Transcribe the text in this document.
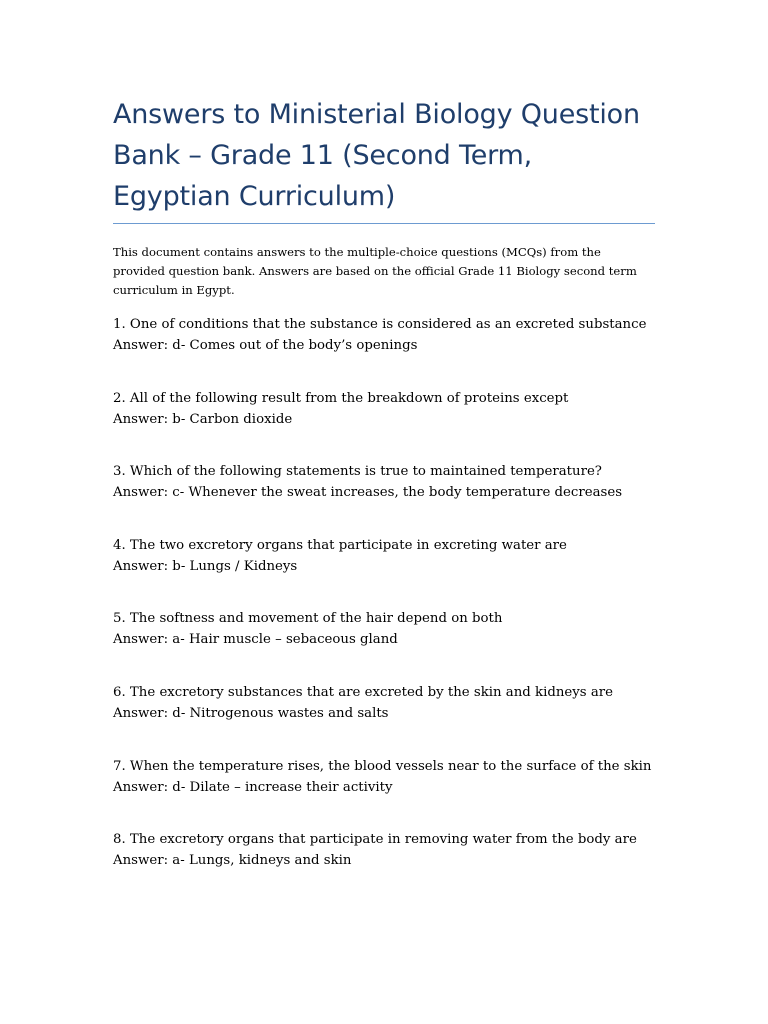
Answers to Ministerial Biology Question
Bank – Grade 11 (Second Term,
Egyptian Curriculum)

This document contains answers to the multiple-choice questions (MCQs) from the
provided question bank. Answers are based on the official Grade 11 Biology second term
curriculum in Egypt.

1. One of conditions that the substance is considered as an excreted substance
Answer: d- Comes out of the body’s openings
2. All of the following result from the breakdown of proteins except
Answer: b- Carbon dioxide
3. Which of the following statements is true to maintained temperature?
Answer: c- Whenever the sweat increases, the body temperature decreases
4. The two excretory organs that participate in excreting water are
Answer: b- Lungs / Kidneys
5. The softness and movement of the hair depend on both
Answer: a- Hair muscle – sebaceous gland
6. The excretory substances that are excreted by the skin and kidneys are
Answer: d- Nitrogenous wastes and salts
7. When the temperature rises, the blood vessels near to the surface of the skin
Answer: d- Dilate – increase their activity
8. The excretory organs that participate in removing water from the body are
Answer: a- Lungs, kidneys and skin
